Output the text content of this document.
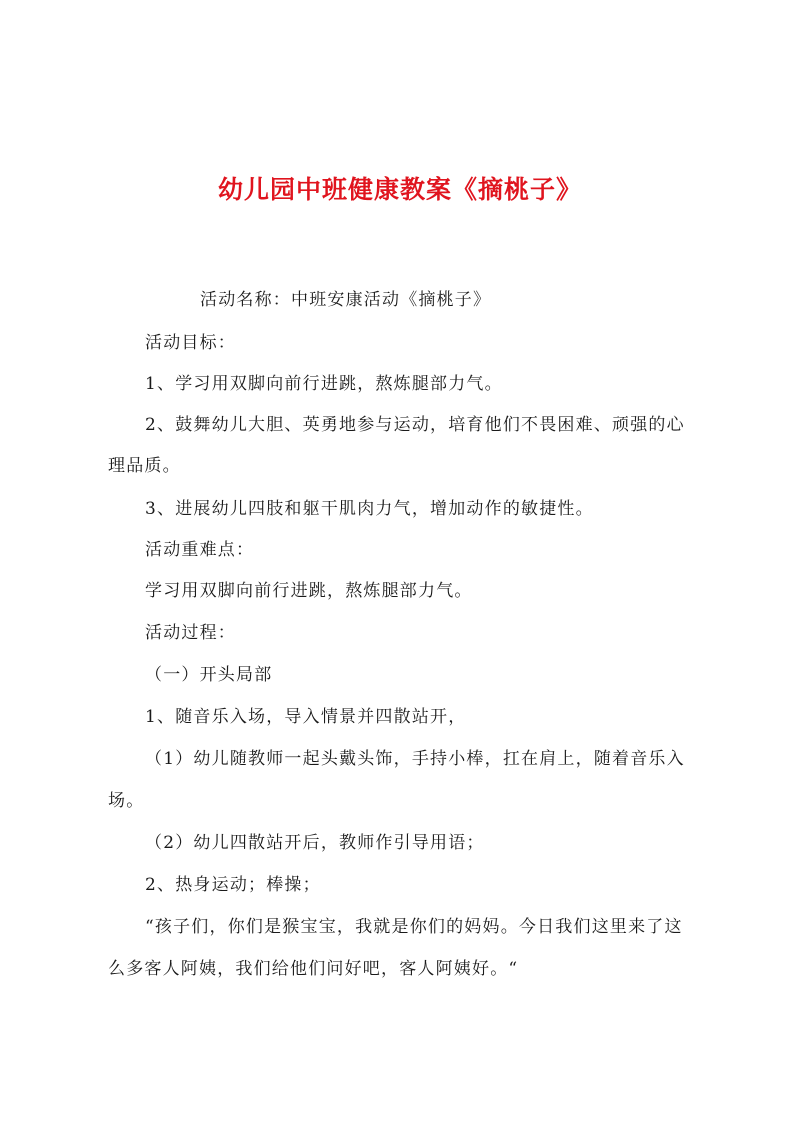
幼儿园中班健康教案《摘桃子》
活动名称：中班安康活动《摘桃子》
活动目标：
1、学习用双脚向前行进跳，熬炼腿部力气。
2、鼓舞幼儿大胆、英勇地参与运动，培育他们不畏困难、顽强的心
理品质。
3、进展幼儿四肢和躯干肌肉力气，增加动作的敏捷性。
活动重难点：
学习用双脚向前行进跳，熬炼腿部力气。
活动过程：
（一）开头局部
1、随音乐入场，导入情景并四散站开，
（1）幼儿随教师一起头戴头饰，手持小棒，扛在肩上，随着音乐入
场。
（2）幼儿四散站开后，教师作引导用语；
2、热身运动；棒操；
“孩子们，你们是猴宝宝，我就是你们的妈妈。今日我们这里来了这
么多客人阿姨，我们给他们问好吧，客人阿姨好。“
